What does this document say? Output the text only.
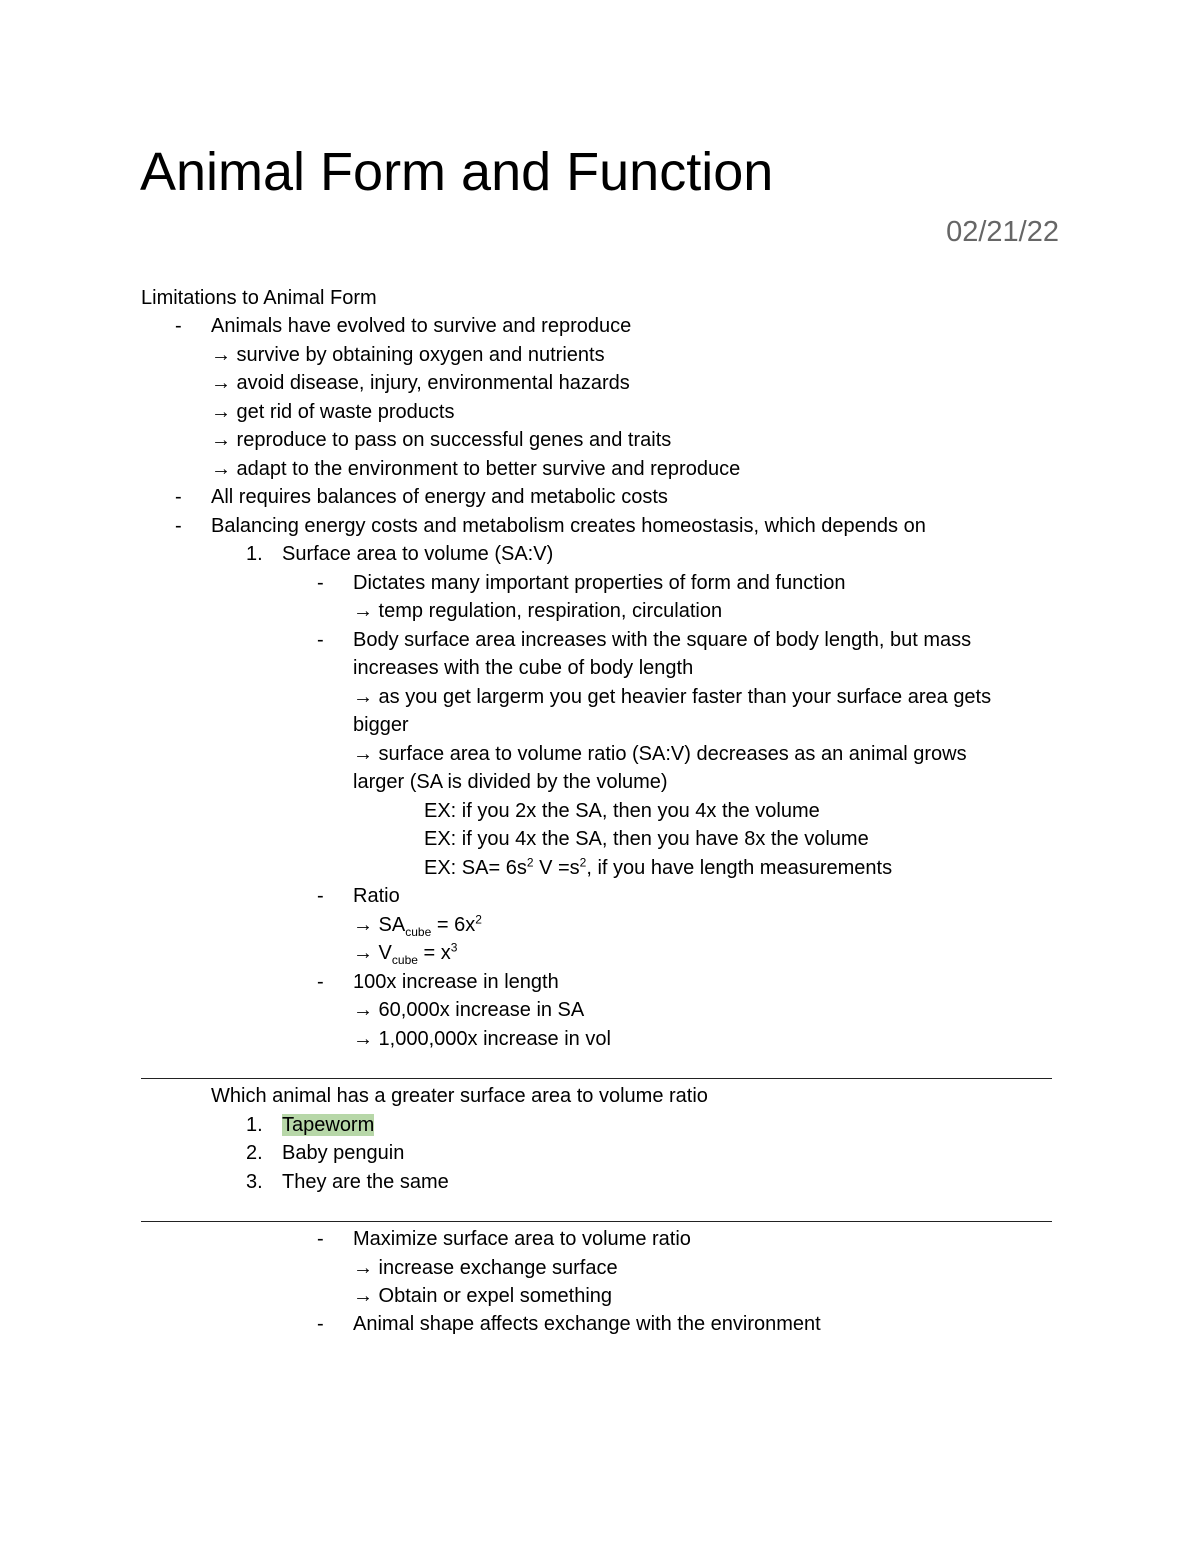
Animal Form and Function
02/21/22
Limitations to Animal Form
- Animals have evolved to survive and reproduce
→ survive by obtaining oxygen and nutrients
→ avoid disease, injury, environmental hazards
→ get rid of waste products
→ reproduce to pass on successful genes and traits
→ adapt to the environment to better survive and reproduce
- All requires balances of energy and metabolic costs
- Balancing energy costs and metabolism creates homeostasis, which depends on
1. Surface area to volume (SA:V)
- Dictates many important properties of form and function
→ temp regulation, respiration, circulation
- Body surface area increases with the square of body length, but mass
increases with the cube of body length
→ as you get largerm you get heavier faster than your surface area gets
bigger
→ surface area to volume ratio (SA:V) decreases as an animal grows
larger (SA is divided by the volume)
EX: if you 2x the SA, then you 4x the volume
EX: if you 4x the SA, then you have 8x the volume
EX: $SA= 6s^2$ $V =s^2$, if you have length measurements
- Ratio
→ $SA_{cube} = 6x^2$
→ $V_{cube} = x^3$
- 100x increase in length
→ 60,000x increase in SA
→ 1,000,000x increase in vol
Which animal has a greater surface area to volume ratio
1. Tapeworm
2. Baby penguin
3. They are the same
- Maximize surface area to volume ratio
→ increase exchange surface
→ Obtain or expel something
- Animal shape affects exchange with the environment
